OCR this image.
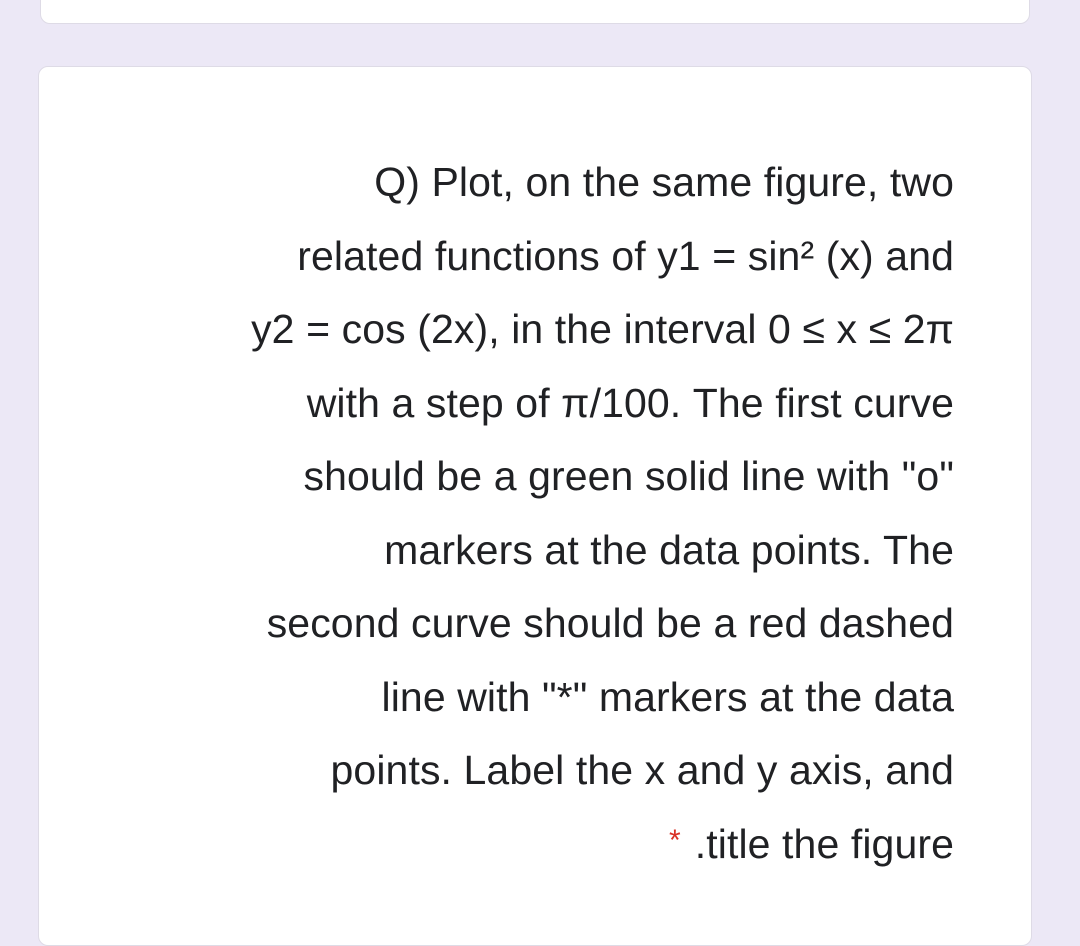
Q) Plot, on the same figure, two
related functions of y1 = sin² (x) and
y2 = cos (2x), in the interval 0 ≤ x ≤ 2π
with a step of π/100. The first curve
should be a green solid line with "o"
markers at the data points. The
second curve should be a red dashed
line with "*" markers at the data
points. Label the x and y axis, and
* .title the figure
